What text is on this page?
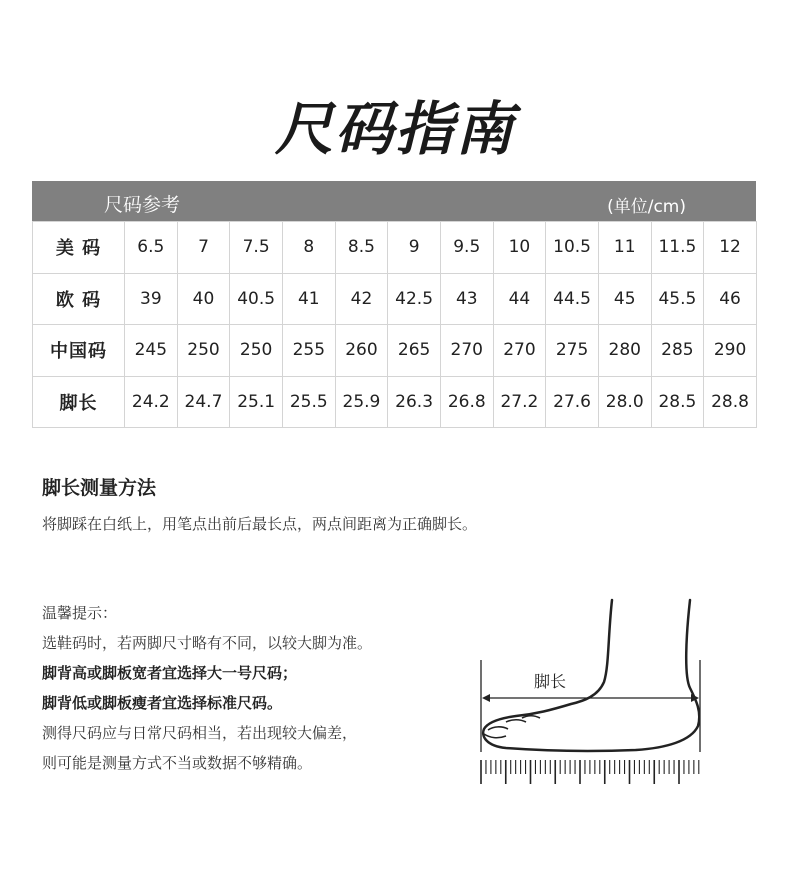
尺码指南
尺码参考	(单位/cm)
美 码	6.5	7	7.5	8	8.5	9	9.5	10	10.5	11	11.5	12
欧 码	39	40	40.5	41	42	42.5	43	44	44.5	45	45.5	46
中国码	245	250	250	255	260	265	270	270	275	280	285	290
脚长	24.2	24.7	25.1	25.5	25.9	26.3	26.8	27.2	27.6	28.0	28.5	28.8
脚长测量方法
将脚踩在白纸上，用笔点出前后最长点，两点间距离为正确脚长。
温馨提示：
选鞋码时，若两脚尺寸略有不同，以较大脚为准。
脚背高或脚板宽者宜选择大一号尺码；
脚背低或脚板瘦者宜选择标准尺码。
测得尺码应与日常尺码相当，若出现较大偏差，
则可能是测量方式不当或数据不够精确。
脚长
